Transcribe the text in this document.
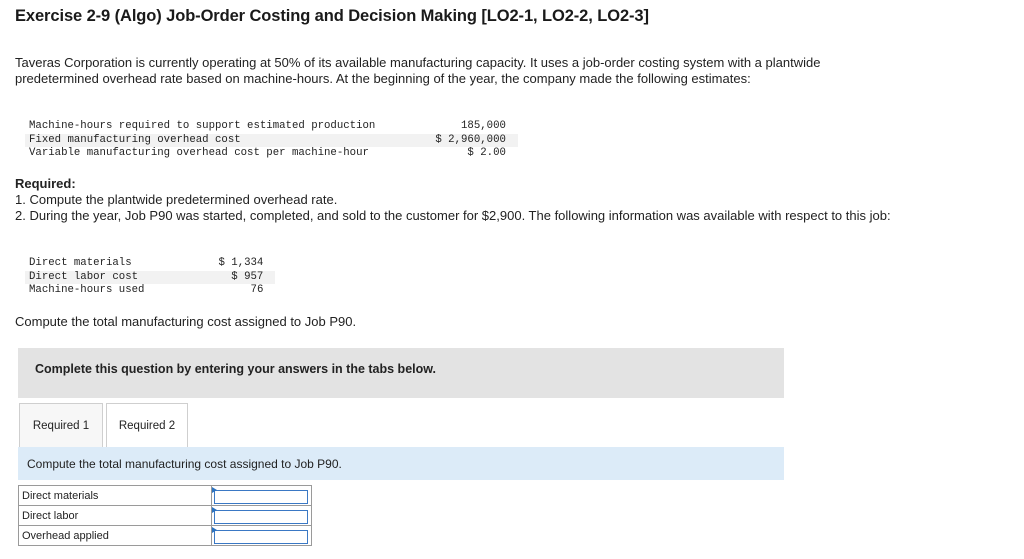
Exercise 2-9 (Algo) Job-Order Costing and Decision Making [LO2-1, LO2-2, LO2-3]

Taveras Corporation is currently operating at 50% of its available manufacturing capacity. It uses a job-order costing system with a plantwide predetermined overhead rate based on machine-hours. At the beginning of the year, the company made the following estimates:

Machine-hours required to support estimated production	185,000
Fixed manufacturing overhead cost	$ 2,960,000
Variable manufacturing overhead cost per machine-hour	$ 2.00
Required:
1. Compute the plantwide predetermined overhead rate.
2. During the year, Job P90 was started, completed, and sold to the customer for $2,900. The following information was available with respect to this job:
Direct materials	$ 1,334
Direct labor cost	$ 957
Machine-hours used	76
Compute the total manufacturing cost assigned to Job P90.
Complete this question by entering your answers in the tabs below.
Required 1	Required 2
Compute the total manufacturing cost assigned to Job P90.
Direct materials	

Direct labor	

Overhead applied	
